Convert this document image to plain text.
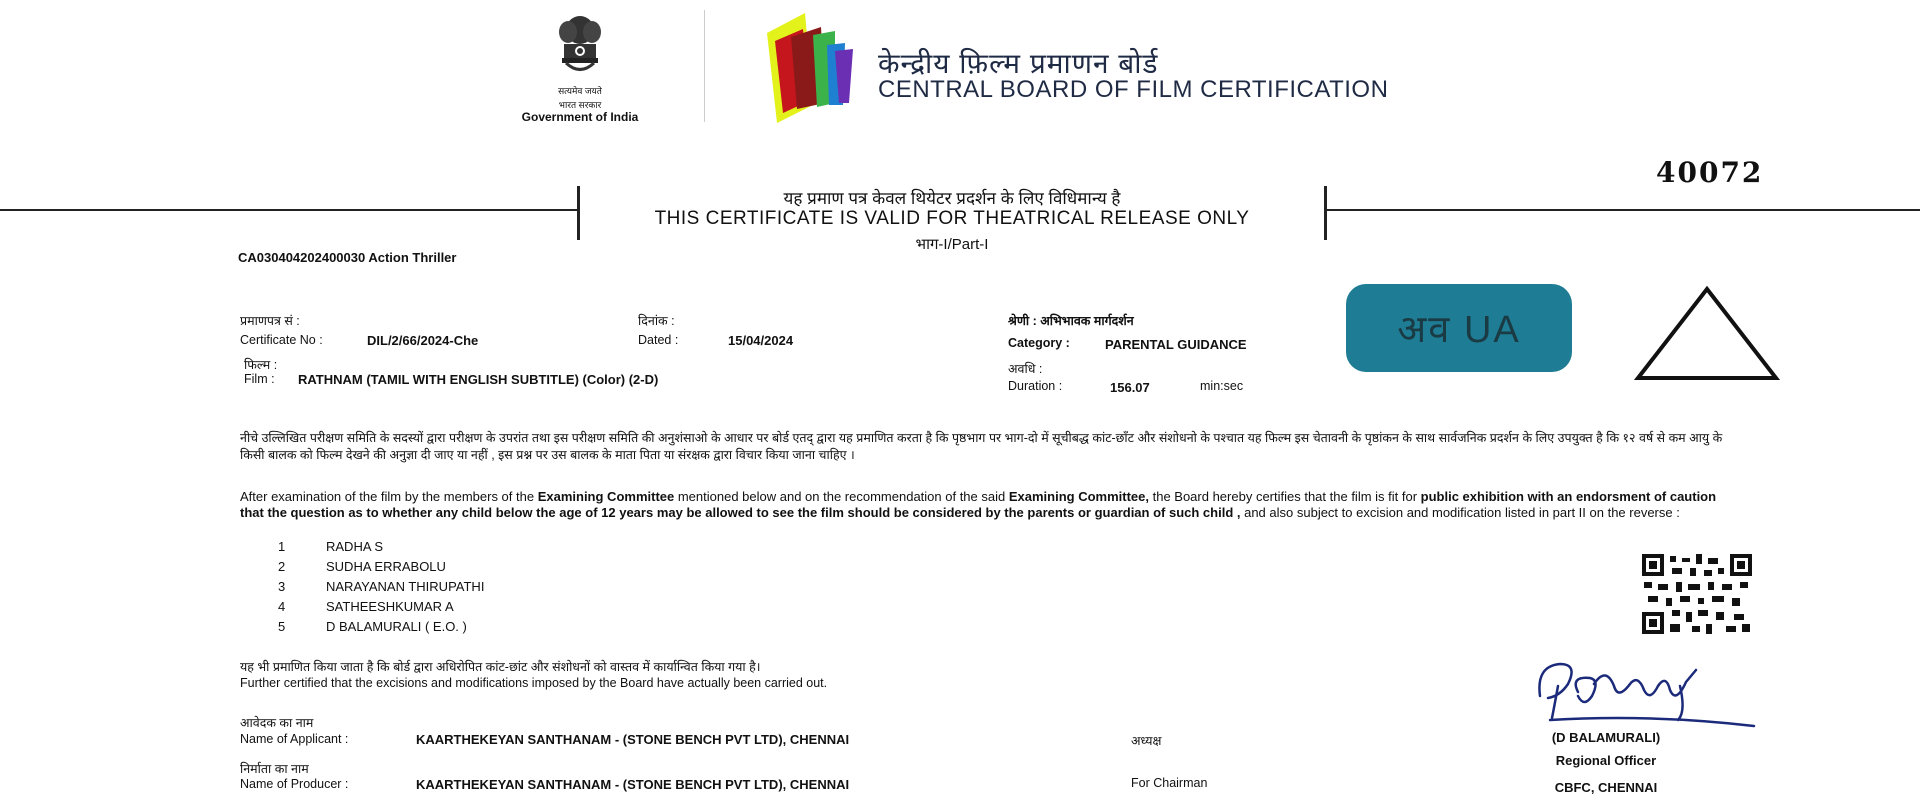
सत्यमेव जयते
भारत सरकार
Government of India
केन्द्रीय फ़िल्म प्रमाणन बोर्ड
CENTRAL BOARD OF FILM CERTIFICATION
40072
यह प्रमाण पत्र केवल थियेटर प्रदर्शन के लिए विधिमान्य है
THIS CERTIFICATE IS VALID FOR THEATRICAL RELEASE ONLY
भाग-I/Part-I
CA030404202400030 Action Thriller
प्रमाणपत्र सं :
Certificate No :	DIL/2/66/2024-Che
दिनांक :
Dated :	15/04/2024
फिल्म :
Film : RATHNAM (TAMIL WITH ENGLISH SUBTITLE) (Color) (2-D)
श्रेणी : अभिभावक मार्गदर्शन
Category :	PARENTAL GUIDANCE
अवधि :
Duration :	156.07	min:sec
अव UA
नीचे उल्लिखित परीक्षण समिति के सदस्यों द्वारा परीक्षण के उपरांत तथा इस परीक्षण समिति की अनुशंसाओ के आधार पर बोर्ड एतद् द्वारा यह प्रमाणित करता है कि पृष्ठभाग पर भाग-दो में सूचीबद्ध कांट-छाँट और संशोधनो के पश्चात यह फिल्म इस चेतावनी के पृष्ठांकन के साथ सार्वजनिक प्रदर्शन के लिए उपयुक्त है कि १२ वर्ष से कम आयु के किसी बालक को फिल्म देखने की अनुज्ञा दी जाए या नहीं , इस प्रश्न पर उस बालक के माता पिता या संरक्षक द्वारा विचार किया जाना चाहिए ।
After examination of the film by the members of the Examining Committee mentioned below and on the recommendation of the said Examining Committee, the Board hereby certifies that the film is fit for public exhibition with an endorsment of caution that the question as to whether any child below the age of 12 years may be allowed to see the film should be considered by the parents or guardian of such child , and also subject to excision and modification listed in part II on the reverse :
1	RADHA S
2	SUDHA ERRABOLU
3	NARAYANAN THIRUPATHI
4	SATHEESHKUMAR A
5	D BALAMURALI ( E.O. )
यह भी प्रमाणित किया जाता है कि बोर्ड द्वारा अधिरोपित कांट-छांट और संशोधनों को वास्तव में कार्यान्वित किया गया है।
Further certified that the excisions and modifications imposed by the Board have actually been carried out.
आवेदक का नाम
Name of Applicant :	KAARTHEKEYAN SANTHANAM - (STONE BENCH PVT LTD), CHENNAI
निर्माता का नाम
Name of Producer :	KAARTHEKEYAN SANTHANAM - (STONE BENCH PVT LTD), CHENNAI
अध्यक्ष
For Chairman
(D BALAMURALI)
Regional Officer
CBFC, CHENNAI
